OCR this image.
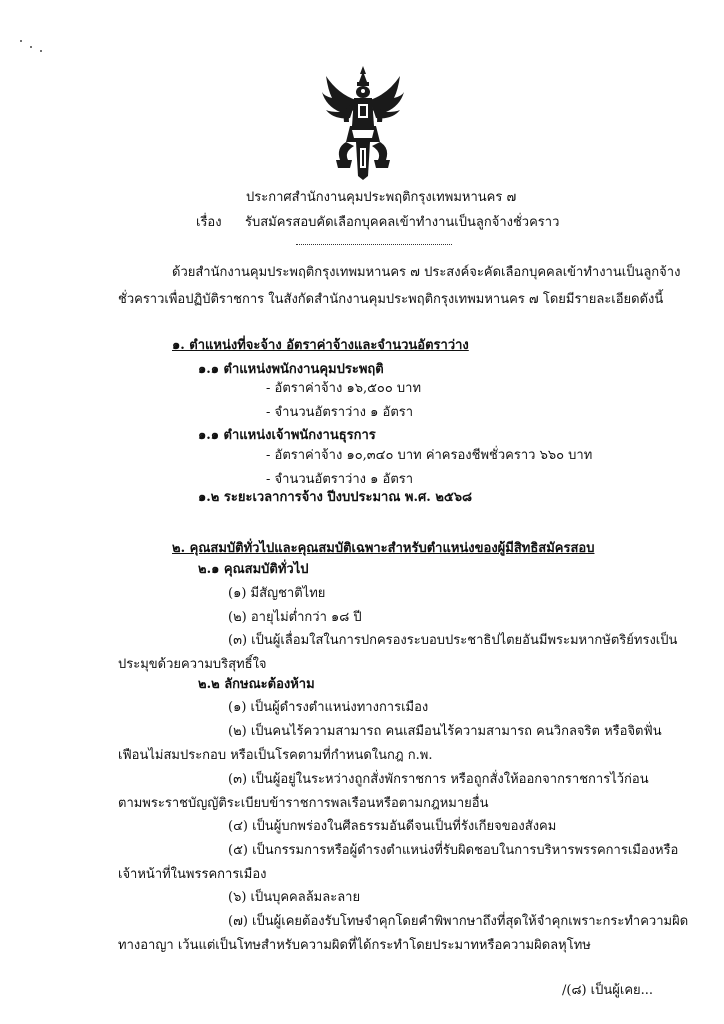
ประกาศสำนักงานคุมประพฤติกรุงเทพมหานคร ๗
เรื่อง รับสมัครสอบคัดเลือกบุคคลเข้าทำงานเป็นลูกจ้างชั่วคราว
ด้วยสำนักงานคุมประพฤติกรุงเทพมหานคร ๗ ประสงค์จะคัดเลือกบุคคลเข้าทำงานเป็นลูกจ้าง
ชั่วคราวเพื่อปฏิบัติราชการ ในสังกัดสำนักงานคุมประพฤติกรุงเทพมหานคร ๗ โดยมีรายละเอียดดังนี้
๑. ตำแหน่งที่จะจ้าง อัตราค่าจ้างและจำนวนอัตราว่าง
๑.๑ ตำแหน่งพนักงานคุมประพฤติ
- อัตราค่าจ้าง ๑๖,๕๐๐ บาท
- จำนวนอัตราว่าง ๑ อัตรา
๑.๑ ตำแหน่งเจ้าพนักงานธุรการ
- อัตราค่าจ้าง ๑๐,๓๔๐ บาท ค่าครองชีพชั่วคราว ๖๖๐ บาท
- จำนวนอัตราว่าง ๑ อัตรา
๑.๒ ระยะเวลาการจ้าง ปีงบประมาณ พ.ศ. ๒๕๖๘
๒. คุณสมบัติทั่วไปและคุณสมบัติเฉพาะสำหรับตำแหน่งของผู้มีสิทธิสมัครสอบ
๒.๑ คุณสมบัติทั่วไป
(๑) มีสัญชาติไทย
(๒) อายุไม่ต่ำกว่า ๑๘ ปี
(๓) เป็นผู้เลื่อมใสในการปกครองระบอบประชาธิปไตยอันมีพระมหากษัตริย์ทรงเป็น
ประมุขด้วยความบริสุทธิ์ใจ
๒.๒ ลักษณะต้องห้าม
(๑) เป็นผู้ดำรงตำแหน่งทางการเมือง
(๒) เป็นคนไร้ความสามารถ คนเสมือนไร้ความสามารถ คนวิกลจริต หรือจิตฟั่น
เฟือนไม่สมประกอบ หรือเป็นโรคตามที่กำหนดในกฎ ก.พ.
(๓) เป็นผู้อยู่ในระหว่างถูกสั่งพักราชการ หรือถูกสั่งให้ออกจากราชการไว้ก่อน
ตามพระราชบัญญัติระเบียบข้าราชการพลเรือนหรือตามกฎหมายอื่น
(๔) เป็นผู้บกพร่องในศีลธรรมอันดีจนเป็นที่รังเกียจของสังคม
(๕) เป็นกรรมการหรือผู้ดำรงตำแหน่งที่รับผิดชอบในการบริหารพรรคการเมืองหรือ
เจ้าหน้าที่ในพรรคการเมือง
(๖) เป็นบุคคลล้มละลาย
(๗) เป็นผู้เคยต้องรับโทษจำคุกโดยคำพิพากษาถึงที่สุดให้จำคุกเพราะกระทำความผิด
ทางอาญา เว้นแต่เป็นโทษสำหรับความผิดที่ได้กระทำโดยประมาทหรือความผิดลหุโทษ
/(๘) เป็นผู้เคย...
